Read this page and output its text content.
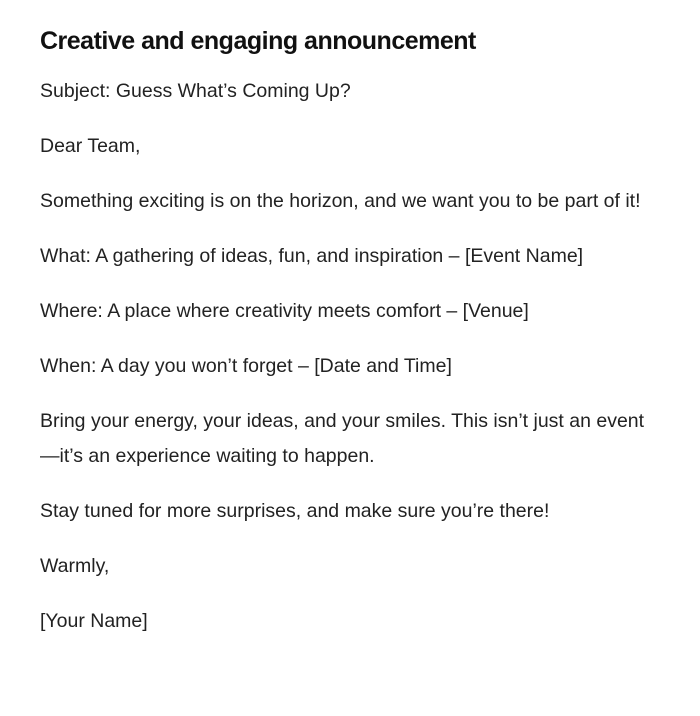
Creative and engaging announcement

Subject: Guess What’s Coming Up?

Dear Team,

Something exciting is on the horizon, and we want you to be part of it!

What: A gathering of ideas, fun, and inspiration – [Event Name]

Where: A place where creativity meets comfort – [Venue]

When: A day you won’t forget – [Date and Time]

Bring your energy, your ideas, and your smiles. This isn’t just an event—it’s an experience waiting to happen.

Stay tuned for more surprises, and make sure you’re there!

Warmly,

[Your Name]
